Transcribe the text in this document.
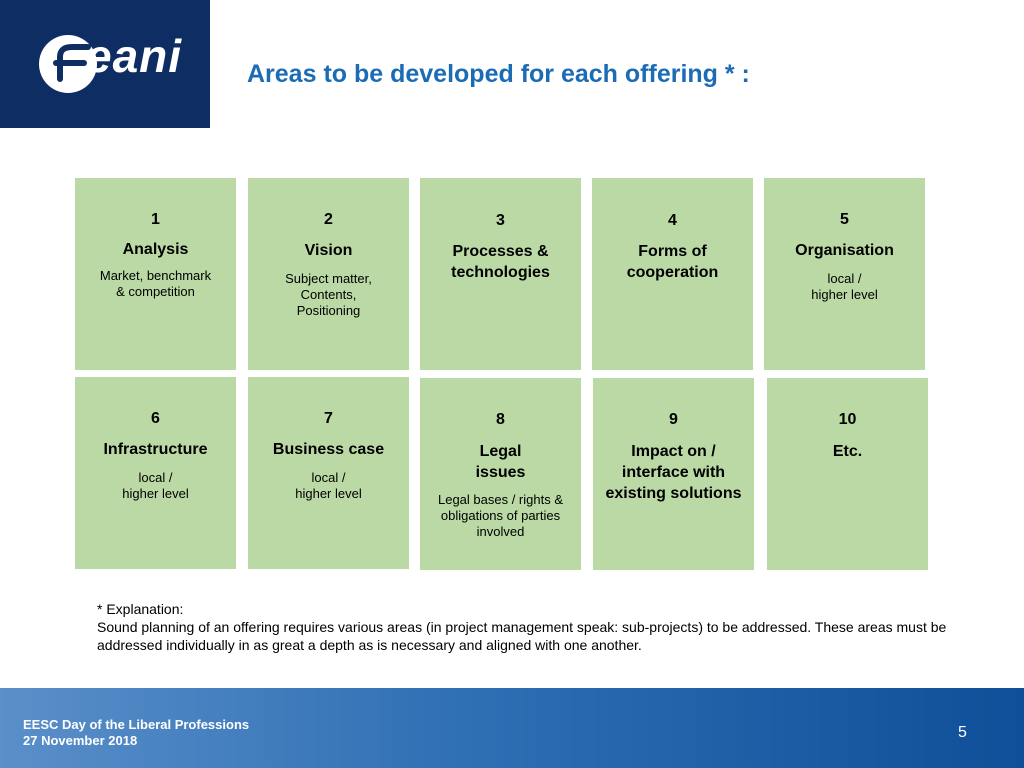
eani	Areas to be developed for each offering * :
1
Analysis
Market, benchmark
& competition
2
Vision
Subject matter,
Contents,
Positioning
3
Processes &
technologies
4
Forms of
cooperation
5
Organisation
local /
higher level
6
Infrastructure
local /
higher level
7
Business case
local /
higher level
8
Legal
issues
Legal bases / rights &
obligations of parties
involved
9
Impact on /
interface with
existing solutions
10
Etc.
* Explanation:
Sound planning of an offering requires various areas (in project management speak: sub-projects) to be addressed. These areas must be addressed individually in as great a depth as is necessary and aligned with one another.
EESC Day of the Liberal Professions
27 November 2018	5
